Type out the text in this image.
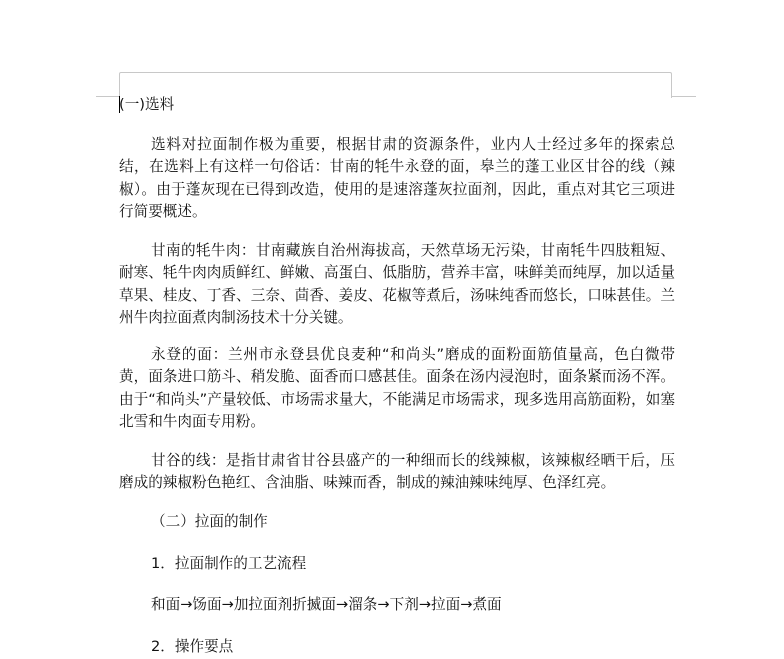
(一)选料
选料对拉面制作极为重要，根据甘肃的资源条件，业内人士经过多年的探索总结，在选料上有这样一句俗话：甘南的牦牛永登的面，皋兰的蓬工业区甘谷的线（辣椒）。由于蓬灰现在已得到改造，使用的是速溶蓬灰拉面剂，因此，重点对其它三项进行简要概述。
甘南的牦牛肉：甘南藏族自治州海拔高，天然草场无污染，甘南牦牛四肢粗短、耐寒、牦牛肉肉质鲜红、鲜嫩、高蛋白、低脂肪，营养丰富，味鲜美而纯厚，加以适量草果、桂皮、丁香、三奈、茴香、姜皮、花椒等煮后，汤味纯香而悠长，口味甚佳。兰州牛肉拉面煮肉制汤技术十分关键。
永登的面：兰州市永登县优良麦种“和尚头”磨成的面粉面筋值量高，色白微带黄，面条进口筋斗、稍发脆、面香而口感甚佳。面条在汤内浸泡时，面条紧而汤不浑。由于“和尚头”产量较低、市场需求量大，不能满足市场需求，现多选用高筋面粉，如塞北雪和牛肉面专用粉。
甘谷的线：是指甘肃省甘谷县盛产的一种细而长的线辣椒，该辣椒经晒干后，压磨成的辣椒粉色艳红、含油脂、味辣而香，制成的辣油辣味纯厚、色泽红亮。
（二）拉面的制作
1．拉面制作的工艺流程
和面→饧面→加拉面剂折揻面→溜条→下剂→拉面→煮面
2．操作要点
